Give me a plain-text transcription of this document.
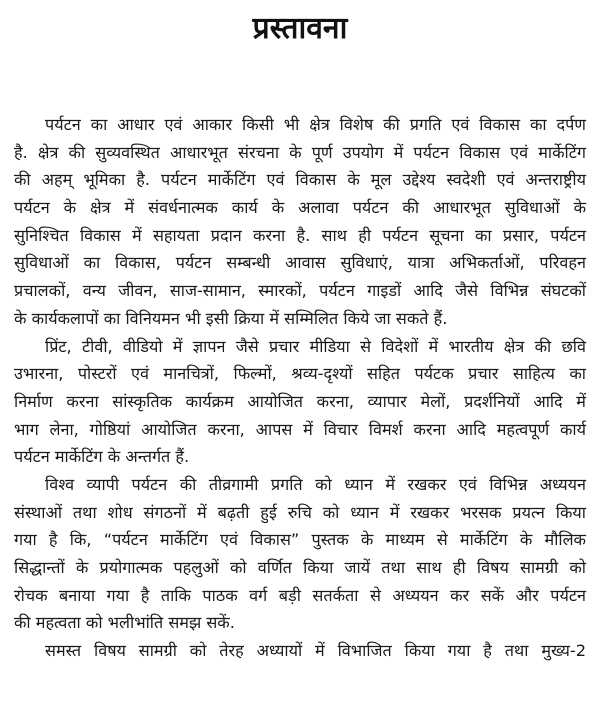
प्रस्तावना
पर्यटन का आधार एवं आकार किसी भी क्षेत्र विशेष की प्रगति एवं विकास का दर्पण
है. क्षेत्र की सुव्यवस्थित आधारभूत संरचना के पूर्ण उपयोग में पर्यटन विकास एवं मार्केटिंग
की अहम् भूमिका है. पर्यटन मार्केटिंग एवं विकास के मूल उद्देश्य स्वदेशी एवं अन्तराष्ट्रीय
पर्यटन के क्षेत्र में संवर्धनात्मक कार्य के अलावा पर्यटन की आधारभूत सुविधाओं के
सुनिश्चित विकास में सहायता प्रदान करना है. साथ ही पर्यटन सूचना का प्रसार, पर्यटन
सुविधाओं का विकास, पर्यटन सम्बन्धी आवास सुविधाएं, यात्रा अभिकर्ताओं, परिवहन
प्रचालकों, वन्य जीवन, साज-सामान, स्मारकों, पर्यटन गाइडों आदि जैसे विभिन्न संघटकों
के कार्यकलापों का विनियमन भी इसी क्रिया में सम्मिलित किये जा सकते हैं.
प्रिंट, टीवी, वीडियो में ज्ञापन जैसे प्रचार मीडिया से विदेशों में भारतीय क्षेत्र की छवि
उभारना, पोस्टरों एवं मानचित्रों, फिल्मों, श्रव्य-दृश्यों सहित पर्यटक प्रचार साहित्य का
निर्माण करना सांस्कृतिक कार्यक्रम आयोजित करना, व्यापार मेलों, प्रदर्शनियों आदि में
भाग लेना, गोष्ठियां आयोजित करना, आपस में विचार विमर्श करना आदि महत्वपूर्ण कार्य
पर्यटन मार्केटिंग के अन्तर्गत हैं.
विश्व व्यापी पर्यटन की तीव्रगामी प्रगति को ध्यान में रखकर एवं विभिन्न अध्ययन
संस्थाओं तथा शोध संगठनों में बढ़ती हुई रुचि को ध्यान में रखकर भरसक प्रयत्न किया
गया है कि, “पर्यटन मार्केटिंग एवं विकास” पुस्तक के माध्यम से मार्केटिंग के मौलिक
सिद्धान्तों के प्रयोगात्मक पहलुओं को वर्णित किया जायें तथा साथ ही विषय सामग्री को
रोचक बनाया गया है ताकि पाठक वर्ग बड़ी सतर्कता से अध्ययन कर सकें और पर्यटन
की महत्वता को भलीभांति समझ सकें.
समस्त विषय सामग्री को तेरह अध्यायों में विभाजित किया गया है तथा मुख्य-2
